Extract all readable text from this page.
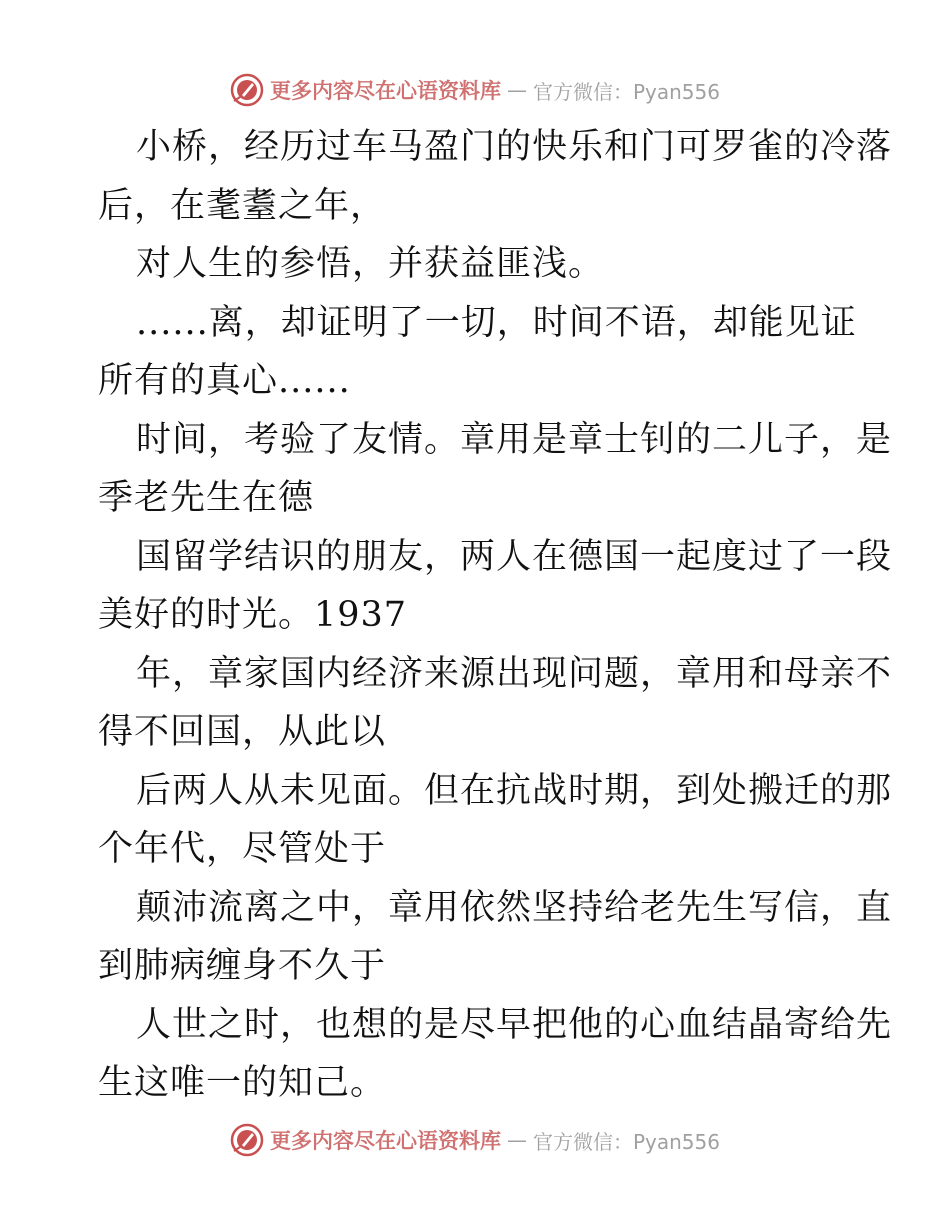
更多内容尽在心语资料库 — 官方微信：Pyan556
小桥，经历过车马盈门的快乐和门可罗雀的冷落
后，在耄耋之年，
对人生的参悟，并获益匪浅。
......离，却证明了一切，时间不语，却能见证
所有的真心......
时间，考验了友情。章用是章士钊的二儿子，是
季老先生在德
国留学结识的朋友，两人在德国一起度过了一段
美好的时光。1937
年，章家国内经济来源出现问题，章用和母亲不
得不回国，从此以
后两人从未见面。但在抗战时期，到处搬迁的那
个年代，尽管处于
颠沛流离之中，章用依然坚持给老先生写信，直
到肺病缠身不久于
人世之时，也想的是尽早把他的心血结晶寄给先
生这唯一的知己。
更多内容尽在心语资料库 — 官方微信：Pyan556
